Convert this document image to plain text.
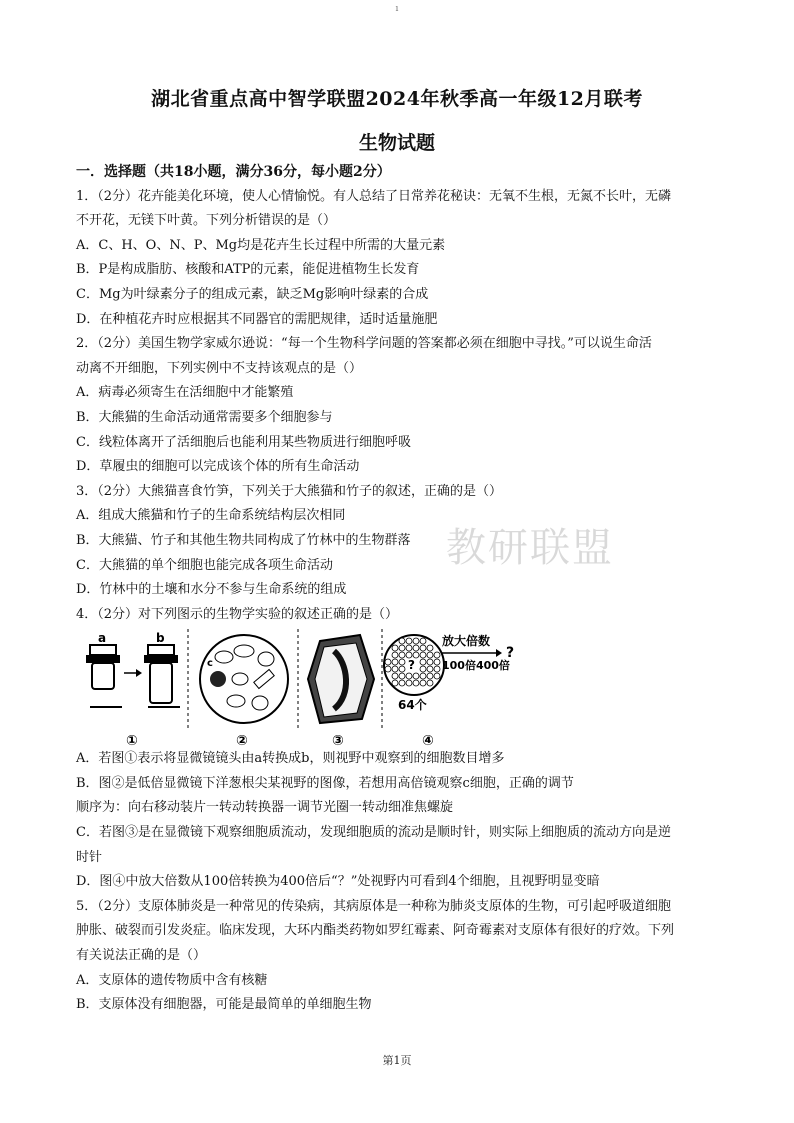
ı
湖北省重点高中智学联盟2024年秋季高一年级12月联考
生物试题
教研联盟
一．选择题（共18小题，满分36分，每小题2分）
1．（2分）花卉能美化环境，使人心情愉悦。有人总结了日常养花秘诀：无氧不生根，无氮不长叶，无磷
不开花，无镁下叶黄。下列分析错误的是（）
A．C、H、O、N、P、Mg均是花卉生长过程中所需的大量元素
B．P是构成脂肪、核酸和ATP的元素，能促进植物生长发育
C．Mg为叶绿素分子的组成元素，缺乏Mg影响叶绿素的合成
D．在种植花卉时应根据其不同器官的需肥规律，适时适量施肥
2．（2分）美国生物学家威尔逊说：“每一个生物科学问题的答案都必须在细胞中寻找。”可以说生命活
动离不开细胞，下列实例中不支持该观点的是（）
A．病毒必须寄生在活细胞中才能繁殖
B．大熊猫的生命活动通常需要多个细胞参与
C．线粒体离开了活细胞后也能利用某些物质进行细胞呼吸
D．草履虫的细胞可以完成该个体的所有生命活动
3．（2分）大熊猫喜食竹笋，下列关于大熊猫和竹子的叙述，正确的是（）
A．组成大熊猫和竹子的生命系统结构层次相同
B．大熊猫、竹子和其他生物共同构成了竹林中的生物群落
C．大熊猫的单个细胞也能完成各项生命活动
D．竹林中的土壤和水分不参与生命系统的组成
4．（2分）对下列图示的生物学实验的叙述正确的是（）
a	b
①
c
②	③
?
放大倍数
?
100倍400倍
64个
④
A．若图①表示将显微镜镜头由a转换成b，则视野中观察到的细胞数目增多
B．图②是低倍显微镜下洋葱根尖某视野的图像，若想用高倍镜观察c细胞，正确的调节
顺序为：向右移动装片一转动转换器一调节光圈一转动细准焦螺旋
C．若图③是在显微镜下观察细胞质流动，发现细胞质的流动是顺时针，则实际上细胞质的流动方向是逆
时针
D．图④中放大倍数从100倍转换为400倍后“？”处视野内可看到4个细胞，且视野明显变暗
5．（2分）支原体肺炎是一种常见的传染病，其病原体是一种称为肺炎支原体的生物，可引起呼吸道细胞
肿胀、破裂而引发炎症。临床发现，大环内酯类药物如罗红霉素、阿奇霉素对支原体有很好的疗效。下列
有关说法正确的是（）
A．支原体的遗传物质中含有核糖
B．支原体没有细胞器，可能是最简单的单细胞生物
第1页
